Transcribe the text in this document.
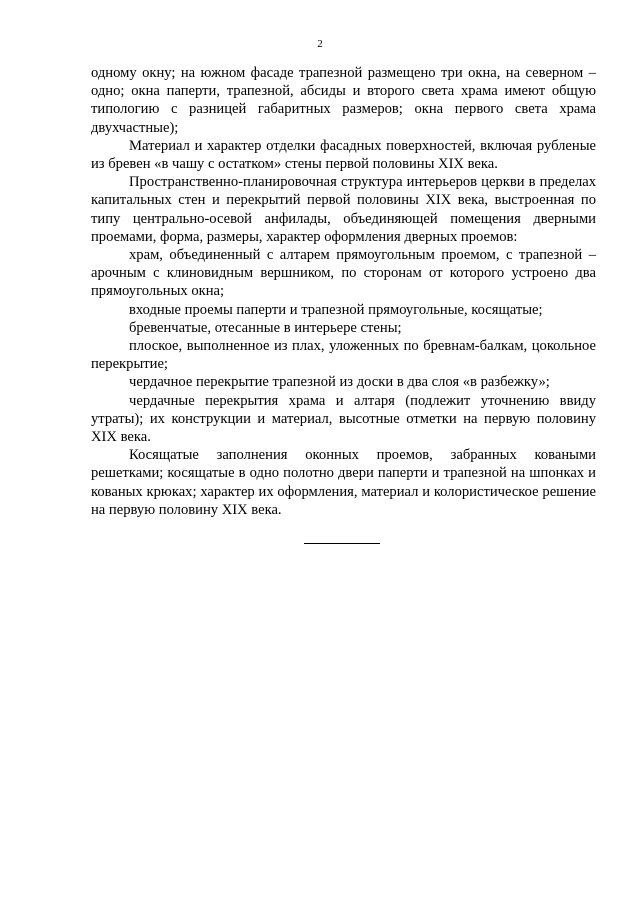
2

одному окну; на южном фасаде трапезной размещено три окна, на северном – одно; окна паперти, трапезной, абсиды и второго света храма имеют общую типологию с разницей габаритных размеров; окна первого света храма двухчастные);

Материал и характер отделки фасадных поверхностей, включая рубленые из бревен «в чашу с остатком» стены первой половины XIX века.

Пространственно-планировочная структура интерьеров церкви в пределах капитальных стен и перекрытий первой половины XIX века, выстроенная по типу центрально-осевой анфилады, объединяющей помещения дверными проемами, форма, размеры, характер оформления дверных проемов:

храм, объединенный с алтарем прямоугольным проемом, с трапезной – арочным с клиновидным вершником, по сторонам от которого устроено два прямоугольных окна;

входные проемы паперти и трапезной прямоугольные, косящатые;

бревенчатые, отесанные в интерьере стены;

плоское, выполненное из плах, уложенных по бревнам-балкам, цокольное перекрытие;

чердачное перекрытие трапезной из доски в два слоя «в разбежку»;

чердачные перекрытия храма и алтаря (подлежит уточнению ввиду утраты); их конструкции и материал, высотные отметки на первую половину XIX века.

Косящатые заполнения оконных проемов, забранных коваными решетками; косящатые в одно полотно двери паперти и трапезной на шпонках и кованых крюках; характер их оформления, материал и колористическое решение на первую половину XIX века.
